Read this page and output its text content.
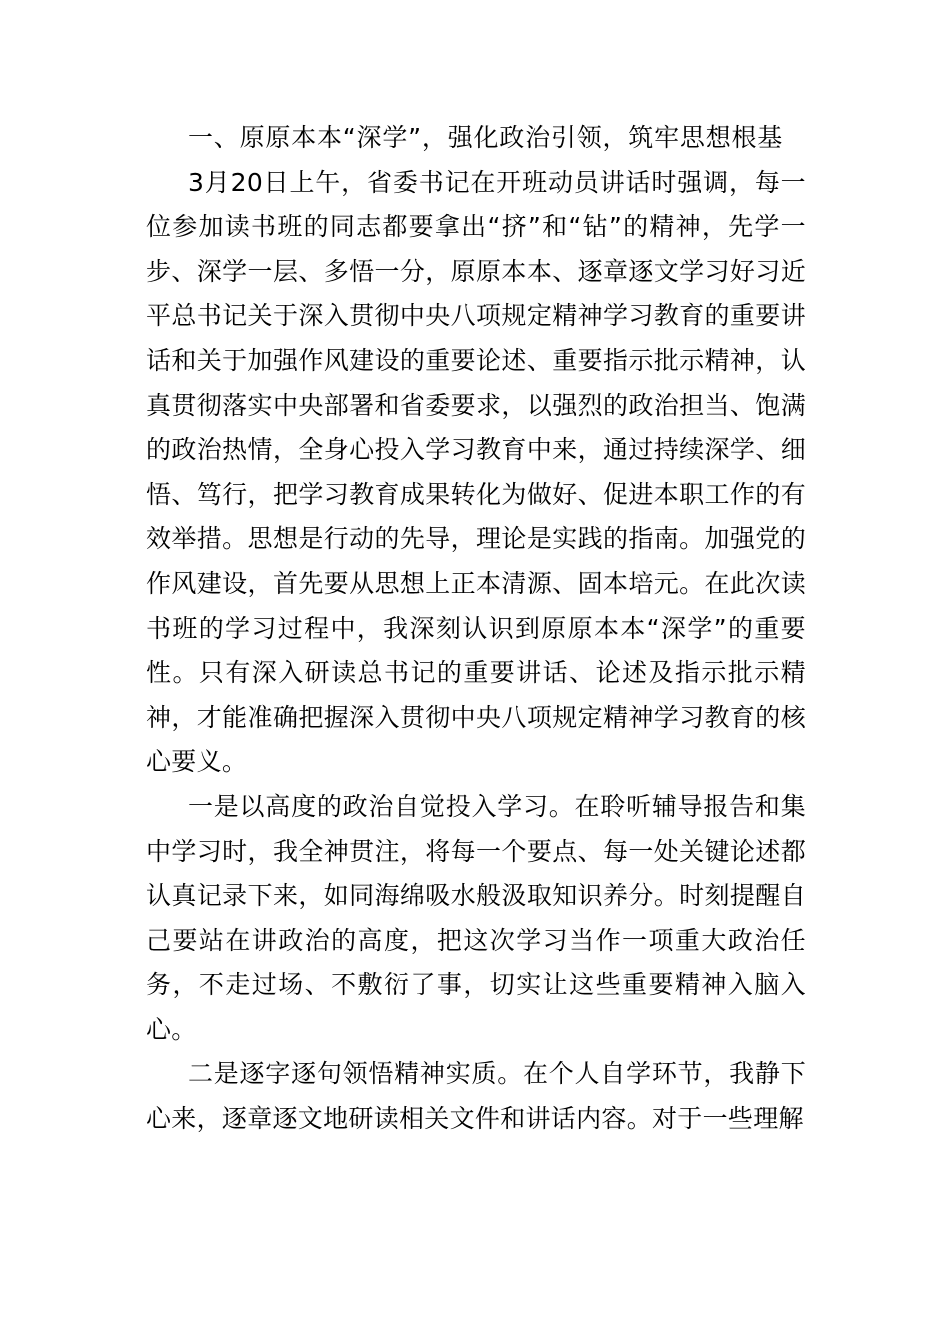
一、原原本本“深学”，强化政治引领，筑牢思想根基

3月20日上午，省委书记在开班动员讲话时强调，每一位参加读书班的同志都要拿出“挤”和“钻”的精神，先学一步、深学一层、多悟一分，原原本本、逐章逐文学习好习近平总书记关于深入贯彻中央八项规定精神学习教育的重要讲话和关于加强作风建设的重要论述、重要指示批示精神，认真贯彻落实中央部署和省委要求，以强烈的政治担当、饱满的政治热情，全身心投入学习教育中来，通过持续深学、细悟、笃行，把学习教育成果转化为做好、促进本职工作的有效举措。思想是行动的先导，理论是实践的指南。加强党的作风建设，首先要从思想上正本清源、固本培元。在此次读书班的学习过程中，我深刻认识到原原本本“深学”的重要性。只有深入研读总书记的重要讲话、论述及指示批示精神，才能准确把握深入贯彻中央八项规定精神学习教育的核心要义。

一是以高度的政治自觉投入学习。在聆听辅导报告和集中学习时，我全神贯注，将每一个要点、每一处关键论述都认真记录下来，如同海绵吸水般汲取知识养分。时刻提醒自己要站在讲政治的高度，把这次学习当作一项重大政治任务，不走过场、不敷衍了事，切实让这些重要精神入脑入心。

二是逐字逐句领悟精神实质。在个人自学环节，我静下心来，逐章逐文地研读相关文件和讲话内容。对于一些理解
